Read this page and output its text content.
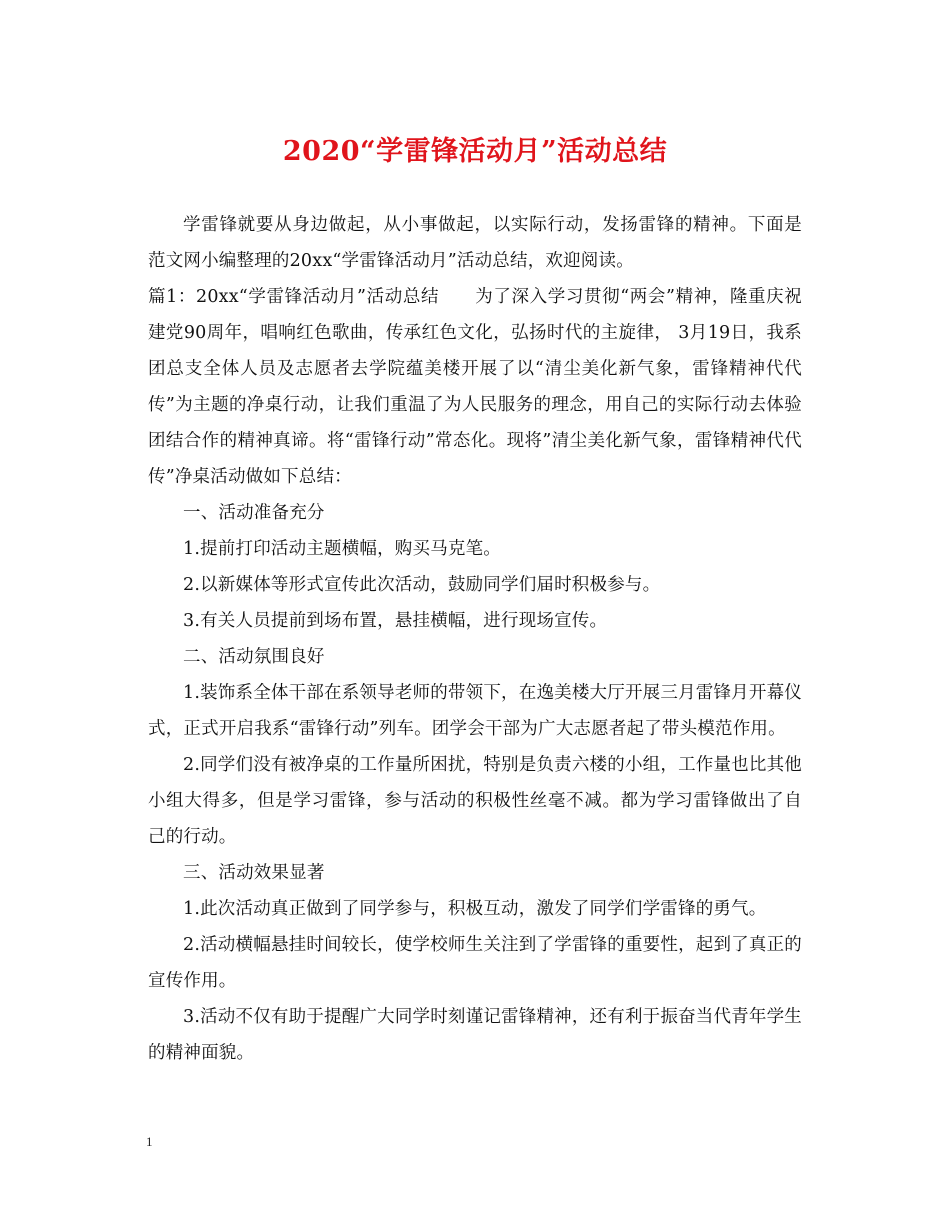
2020“学雷锋活动月”活动总结

学雷锋就要从身边做起，从小事做起，以实际行动，发扬雷锋的精神。下面是范文网小编整理的20xx“学雷锋活动月”活动总结，欢迎阅读。

篇1：20xx“学雷锋活动月”活动总结　　为了深入学习贯彻“两会”精神，隆重庆祝建党90周年，唱响红色歌曲，传承红色文化，弘扬时代的主旋律， 3月19日，我系团总支全体人员及志愿者去学院蕴美楼开展了以“清尘美化新气象，雷锋精神代代传”为主题的净桌行动，让我们重温了为人民服务的理念，用自己的实际行动去体验团结合作的精神真谛。将“雷锋行动”常态化。现将”清尘美化新气象，雷锋精神代代传”净桌活动做如下总结：

一、活动准备充分

1.提前打印活动主题横幅，购买马克笔。

2.以新媒体等形式宣传此次活动，鼓励同学们届时积极参与。

3.有关人员提前到场布置，悬挂横幅，进行现场宣传。

二、活动氛围良好

1.装饰系全体干部在系领导老师的带领下，在逸美楼大厅开展三月雷锋月开幕仪式，正式开启我系“雷锋行动”列车。团学会干部为广大志愿者起了带头模范作用。

2.同学们没有被净桌的工作量所困扰，特别是负责六楼的小组，工作量也比其他小组大得多，但是学习雷锋，参与活动的积极性丝毫不减。都为学习雷锋做出了自己的行动。

三、活动效果显著

1.此次活动真正做到了同学参与，积极互动，激发了同学们学雷锋的勇气。

2.活动横幅悬挂时间较长，使学校师生关注到了学雷锋的重要性，起到了真正的宣传作用。

3.活动不仅有助于提醒广大同学时刻谨记雷锋精神，还有利于振奋当代青年学生的精神面貌。

1
